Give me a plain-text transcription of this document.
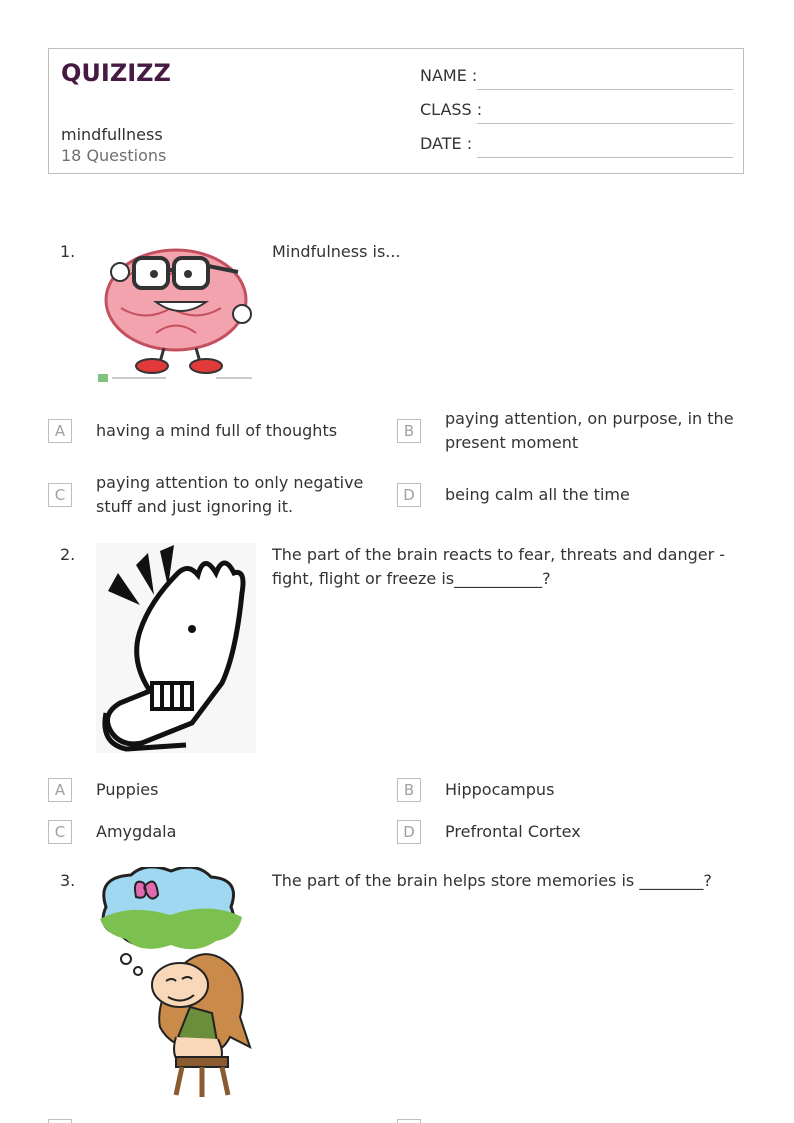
QUIZIZZ
mindfullness
18 Questions
NAME :
CLASS :
DATE :
1.	Mindfulness is...
A	having a mind full of thoughts	B
paying attention, on purpose, in the present moment
C
paying attention to only negative stuff and just ignoring it.
D	being calm all the time
2.	The part of the brain reacts to fear, threats and danger - fight, flight or freeze is___________?
A	Puppies	B	Hippocampus
C	Amygdala	D	Prefrontal Cortex
3.	The part of the brain helps store memories is ________?
